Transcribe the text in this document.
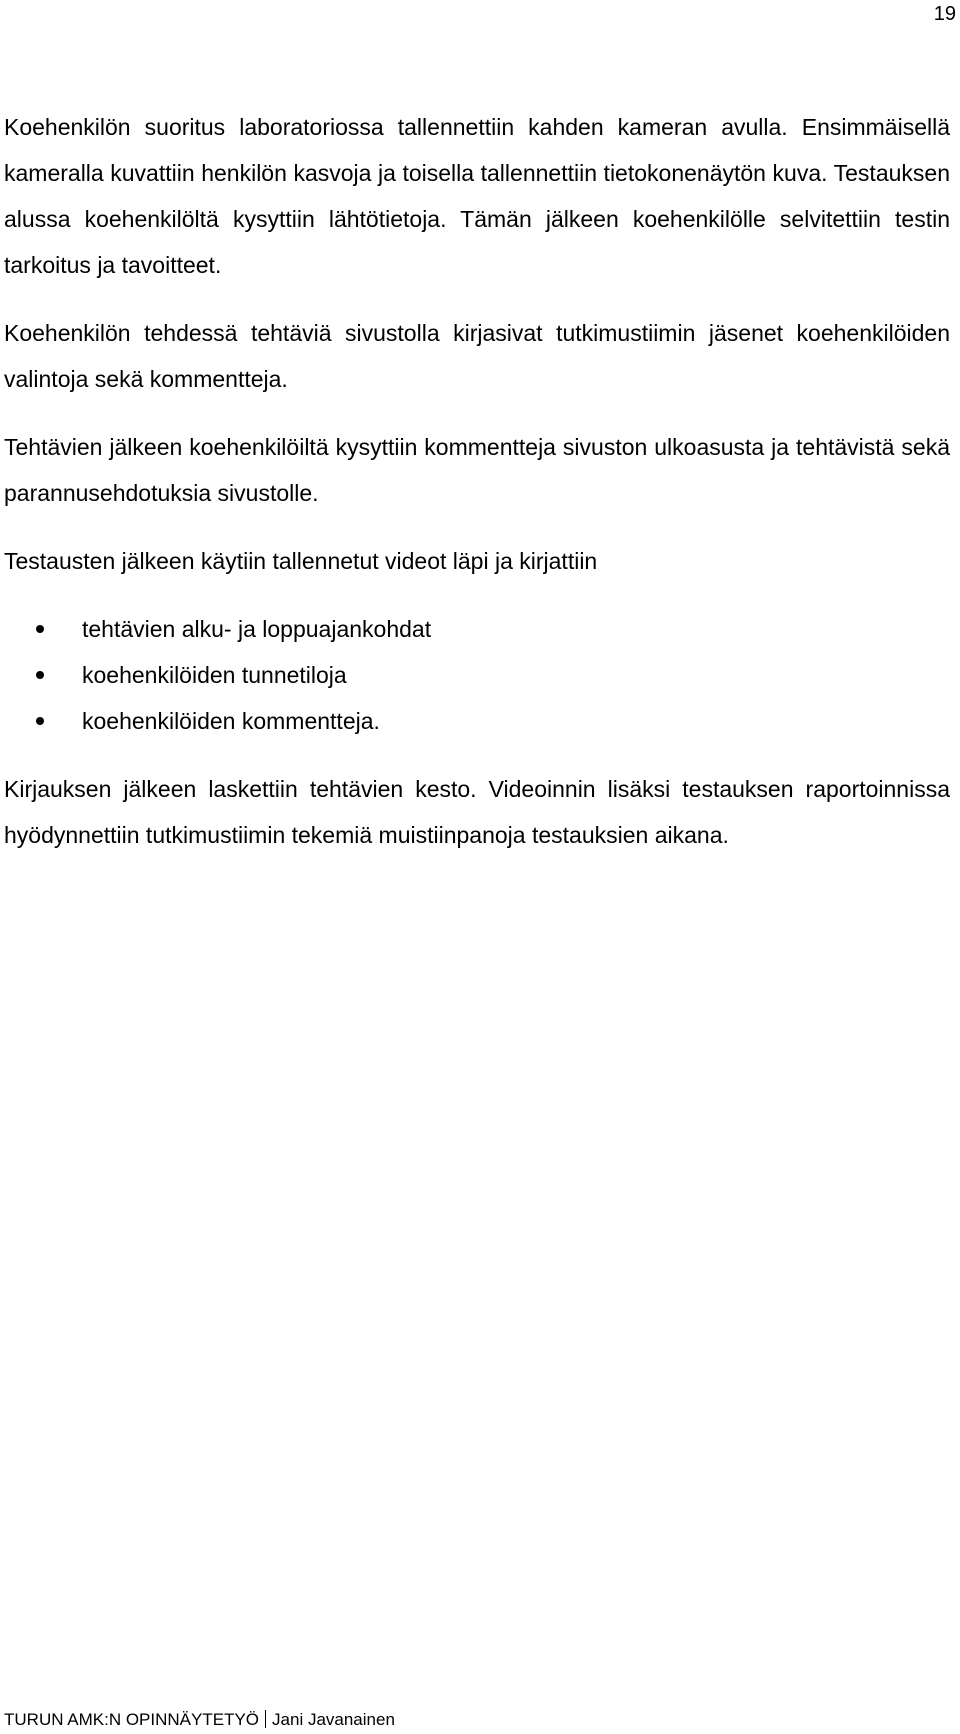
19

Koehenkilön suoritus laboratoriossa tallennettiin kahden kameran avulla. Ensimmäisellä kameralla kuvattiin henkilön kasvoja ja toisella tallennettiin tietokonenäytön kuva. Testauksen alussa koehenkilöltä kysyttiin lähtötietoja. Tämän jälkeen koehenkilölle selvitettiin testin tarkoitus ja tavoitteet.

Koehenkilön tehdessä tehtäviä sivustolla kirjasivat tutkimustiimin jäsenet koehenkilöiden valintoja sekä kommentteja.

Tehtävien jälkeen koehenkilöiltä kysyttiin kommentteja sivuston ulkoasusta ja tehtävistä sekä parannusehdotuksia sivustolle.

Testausten jälkeen käytiin tallennetut videot läpi ja kirjattiin

tehtävien alku- ja loppuajankohdat
koehenkilöiden tunnetiloja
koehenkilöiden kommentteja.

Kirjauksen jälkeen laskettiin tehtävien kesto. Videoinnin lisäksi testauksen raportoinnissa hyödynnettiin tutkimustiimin tekemiä muistiinpanoja testauksien aikana.

TURUN AMK:N OPINNÄYTETYÖ Jani Javanainen
